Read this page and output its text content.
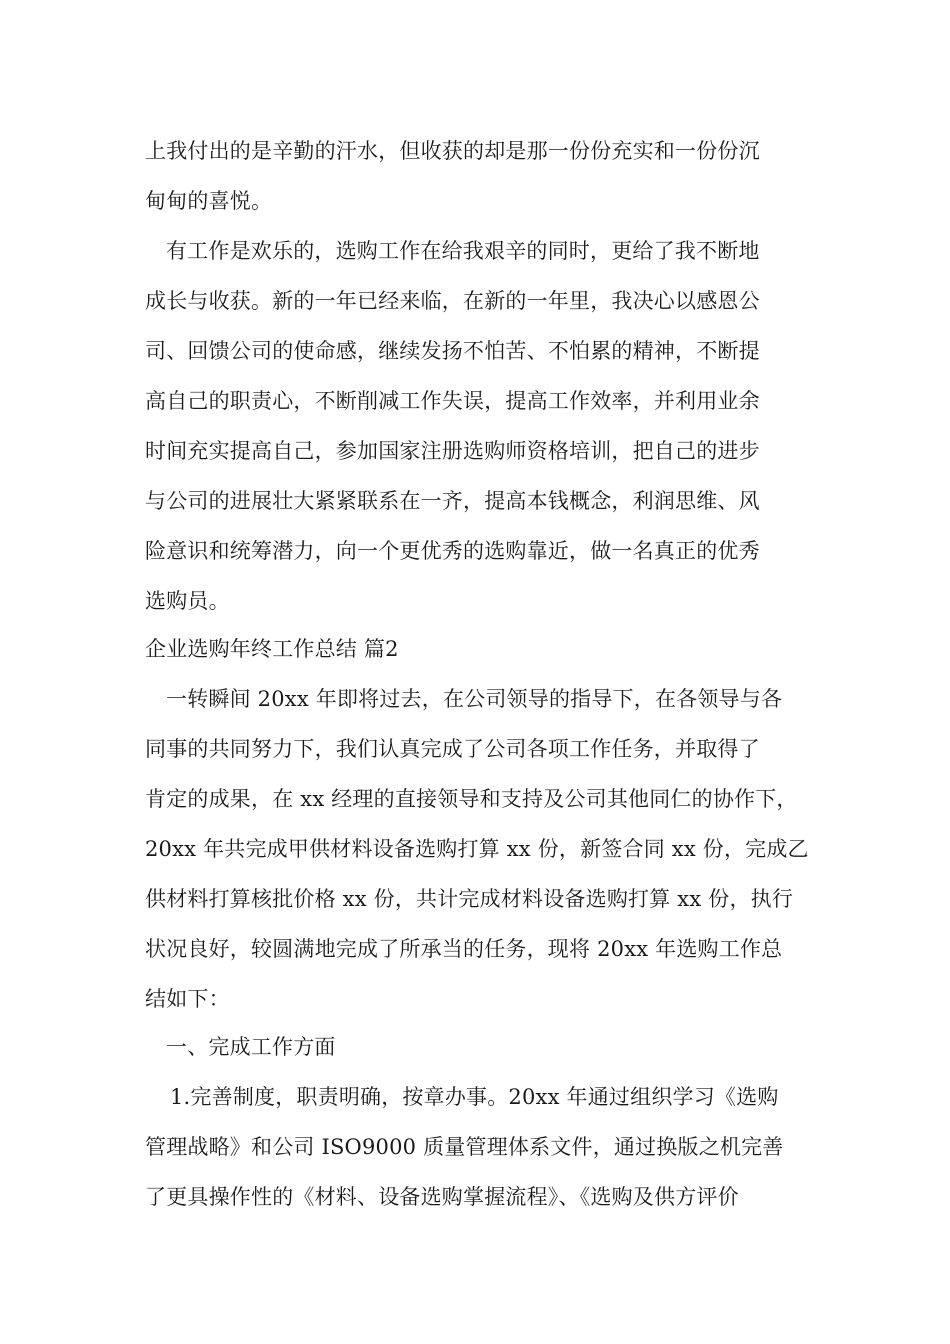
上我付出的是辛勤的汗水，但收获的却是那一份份充实和一份份沉
甸甸的喜悦。
有工作是欢乐的，选购工作在给我艰辛的同时，更给了我不断地
成长与收获。新的一年已经来临，在新的一年里，我决心以感恩公
司、回馈公司的使命感，继续发扬不怕苦、不怕累的精神，不断提
高自己的职责心，不断削减工作失误，提高工作效率，并利用业余
时间充实提高自己，参加国家注册选购师资格培训，把自己的进步
与公司的进展壮大紧紧联系在一齐，提高本钱概念，利润思维、风
险意识和统筹潜力，向一个更优秀的选购靠近，做一名真正的优秀
选购员。
企业选购年终工作总结 篇2
一转瞬间 20xx 年即将过去，在公司领导的指导下，在各领导与各
同事的共同努力下，我们认真完成了公司各项工作任务，并取得了
肯定的成果，在 xx 经理的直接领导和支持及公司其他同仁的协作下，
20xx 年共完成甲供材料设备选购打算 xx 份，新签合同 xx 份，完成乙
供材料打算核批价格 xx 份，共计完成材料设备选购打算 xx 份，执行
状况良好，较圆满地完成了所承当的任务，现将 20xx 年选购工作总
结如下：
一、完成工作方面
1.完善制度，职责明确，按章办事。20xx 年通过组织学习《选购
管理战略》和公司 ISO9000 质量管理体系文件，通过换版之机完善
了更具操作性的《材料、设备选购掌握流程》、《选购及供方评价
